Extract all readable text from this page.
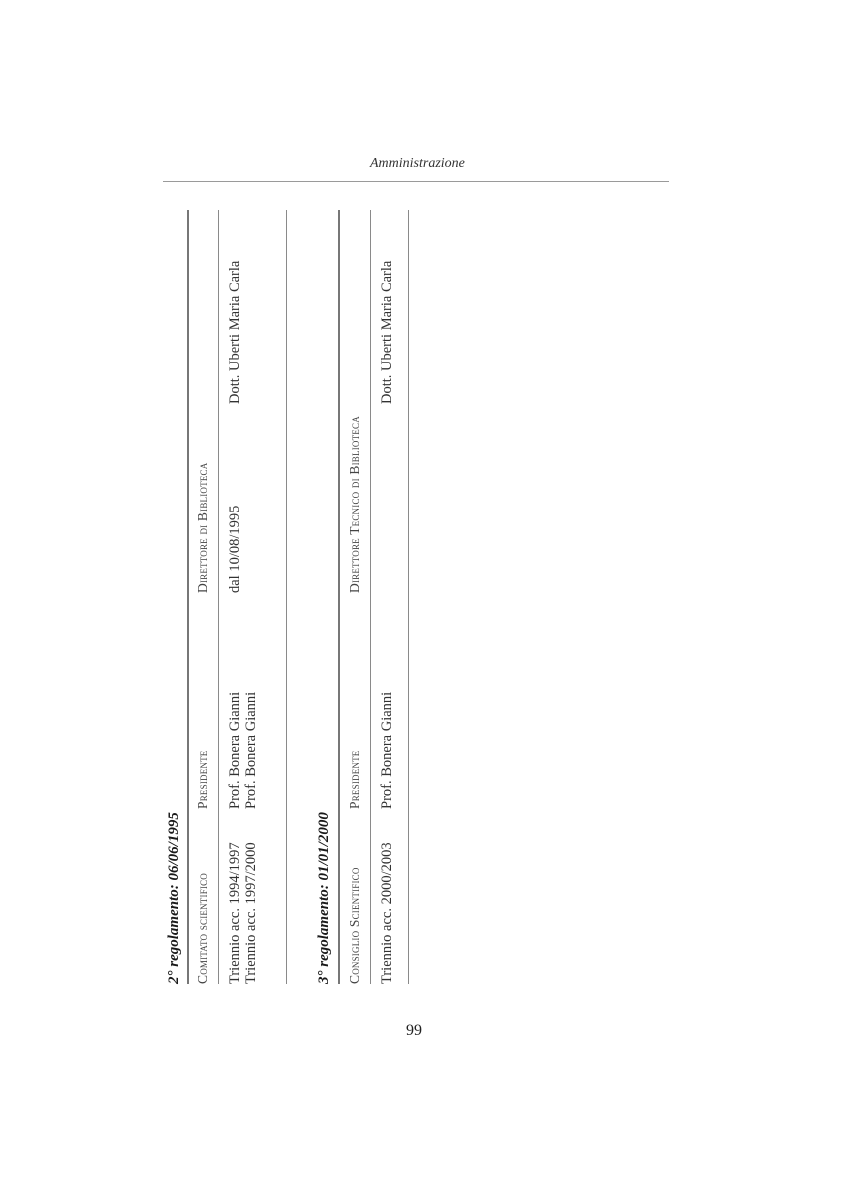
Amministrazione
2° regolamento: 06/06/1995 Comitato scientifico
Presidente
Direttore di Biblioteca
Triennio acc. 1994/1997
Prof. Bonera Gianni
dal 10/08/1995
Dott. Uberti Maria Carla
Triennio acc. 1997/2000
Prof. Bonera Gianni
3° regolamento: 01/01/2000 Consiglio Scientifico
Presidente
Direttore Tecnico di Biblioteca
Triennio acc. 2000/2003
Prof. Bonera Gianni
Dott. Uberti Maria Carla
99
